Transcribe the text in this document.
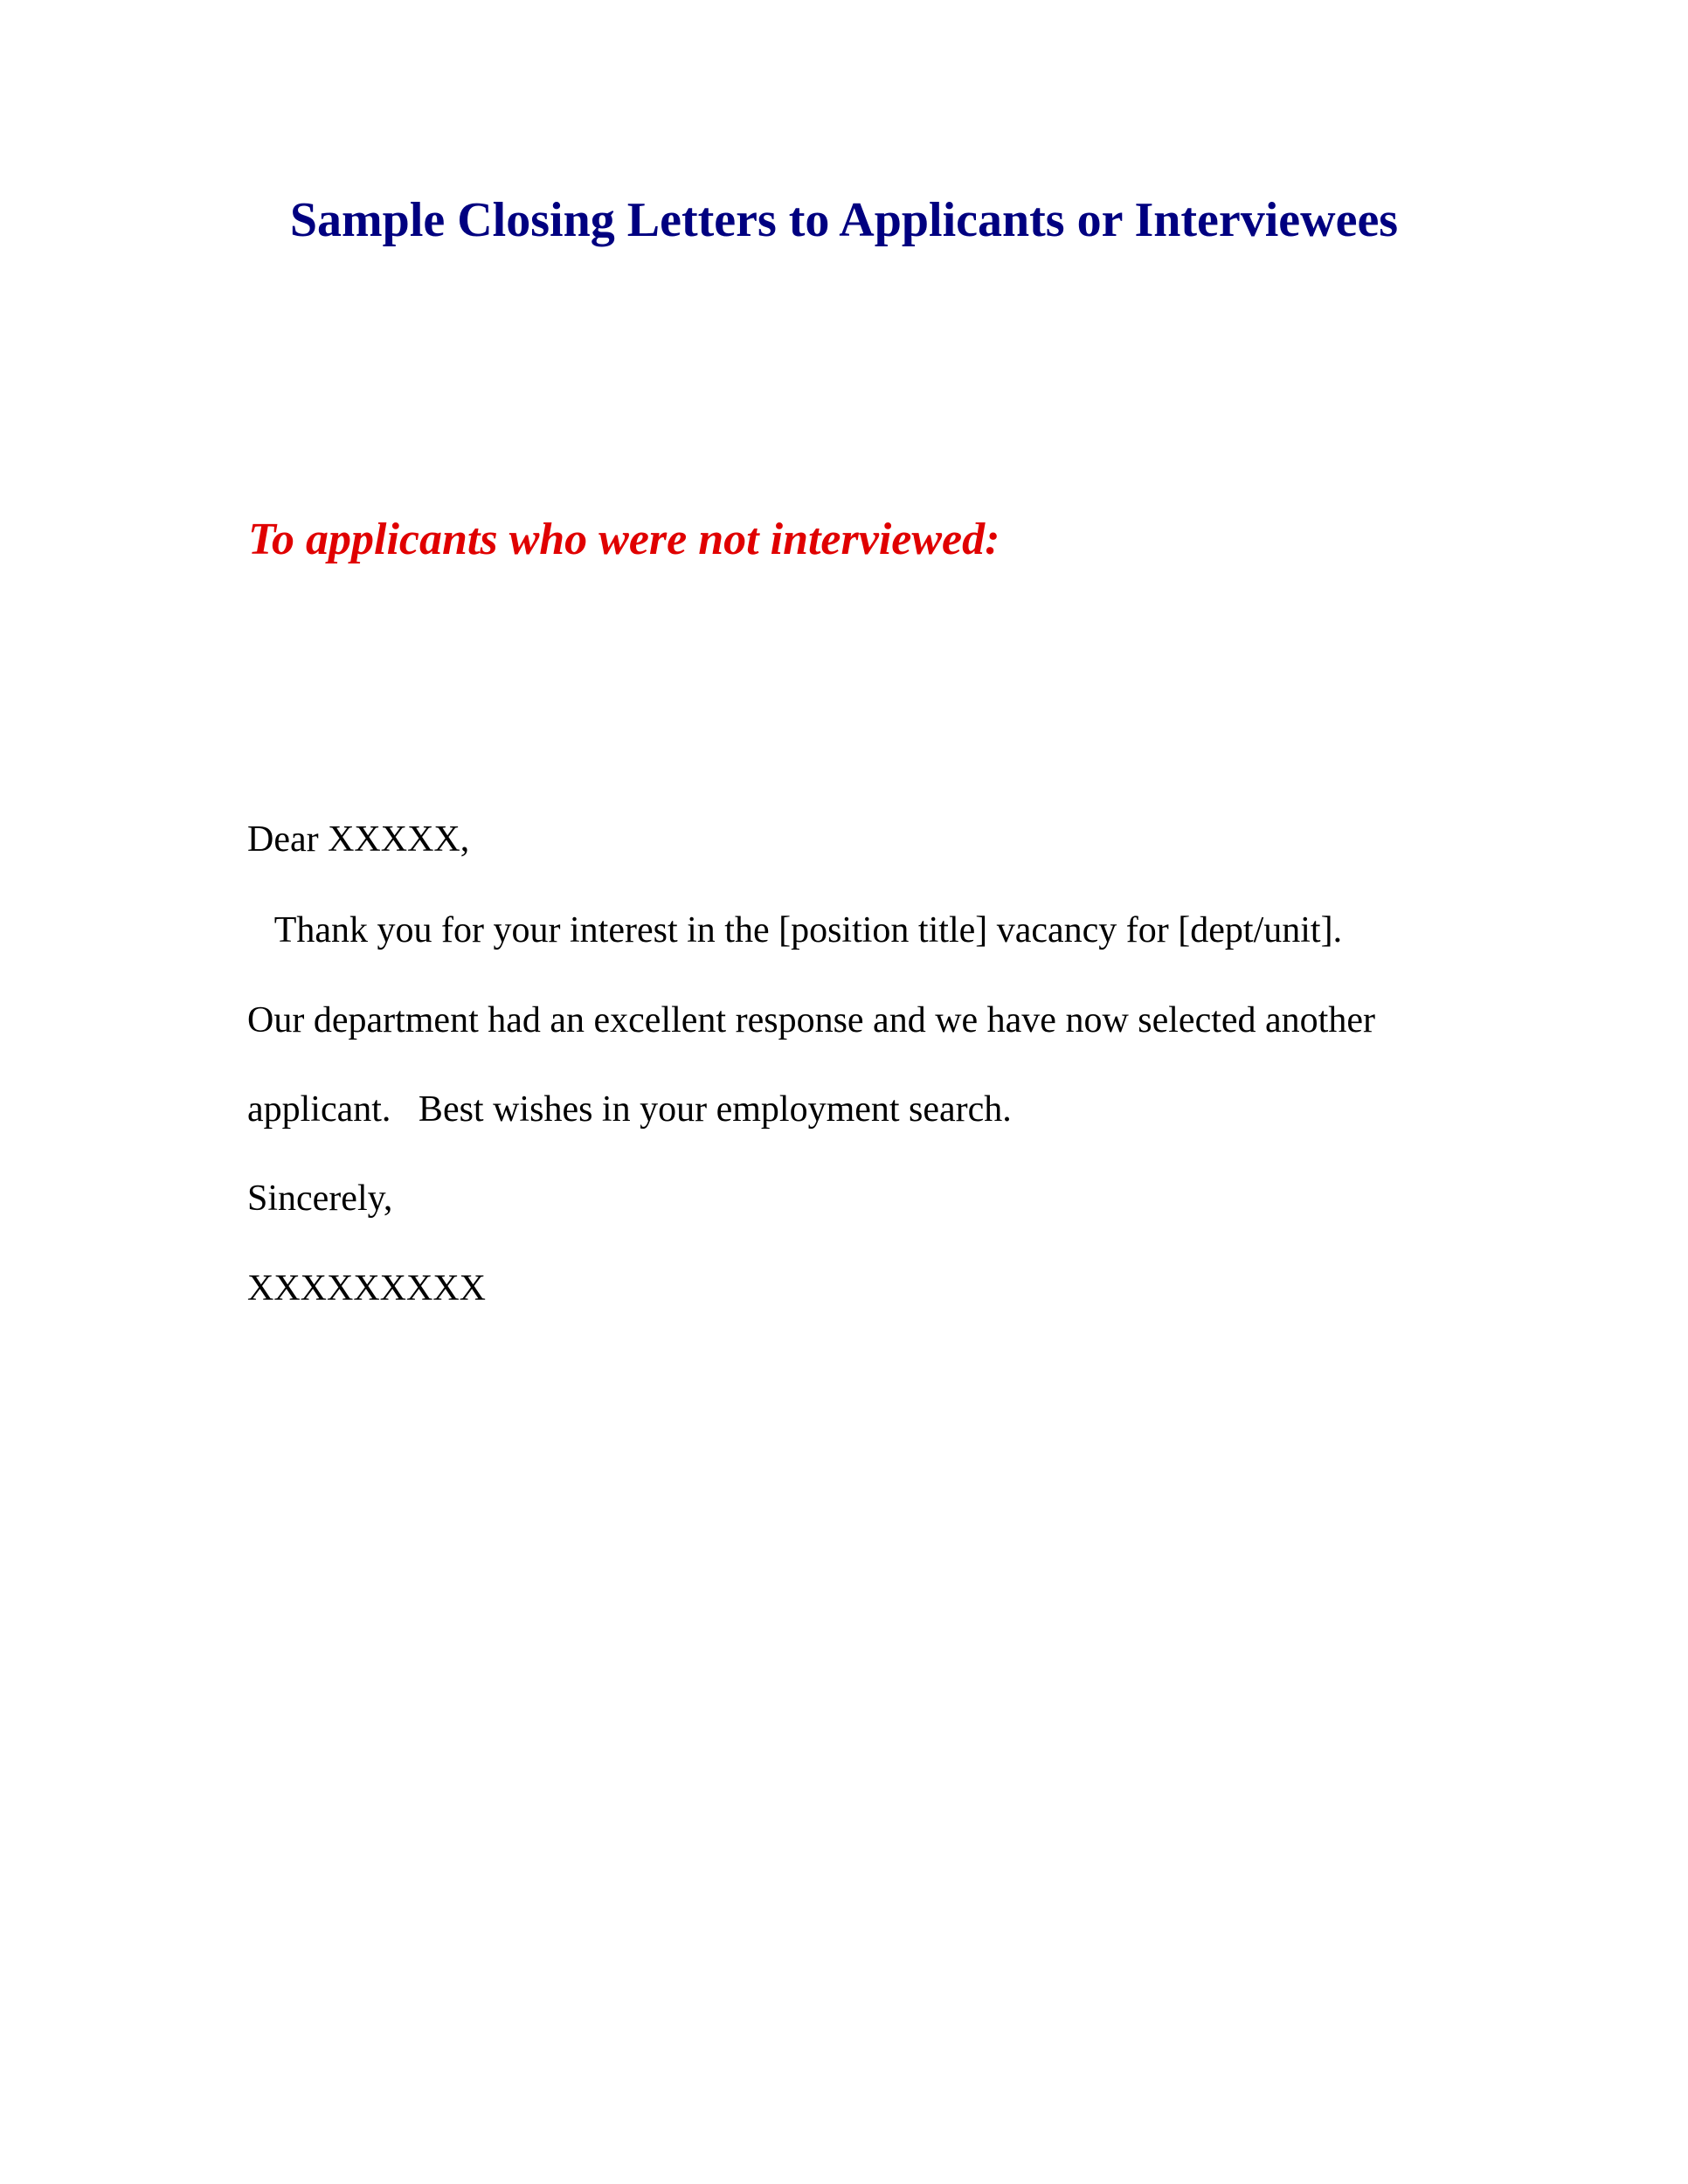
Sample Closing Letters to Applicants or Interviewees
To applicants who were not interviewed:
Dear XXXXX,
Thank you for your interest in the [position title] vacancy for [dept/unit].
Our department had an excellent response and we have now selected another
applicant.   Best wishes in your employment search.
Sincerely,
XXXXXXXXX
